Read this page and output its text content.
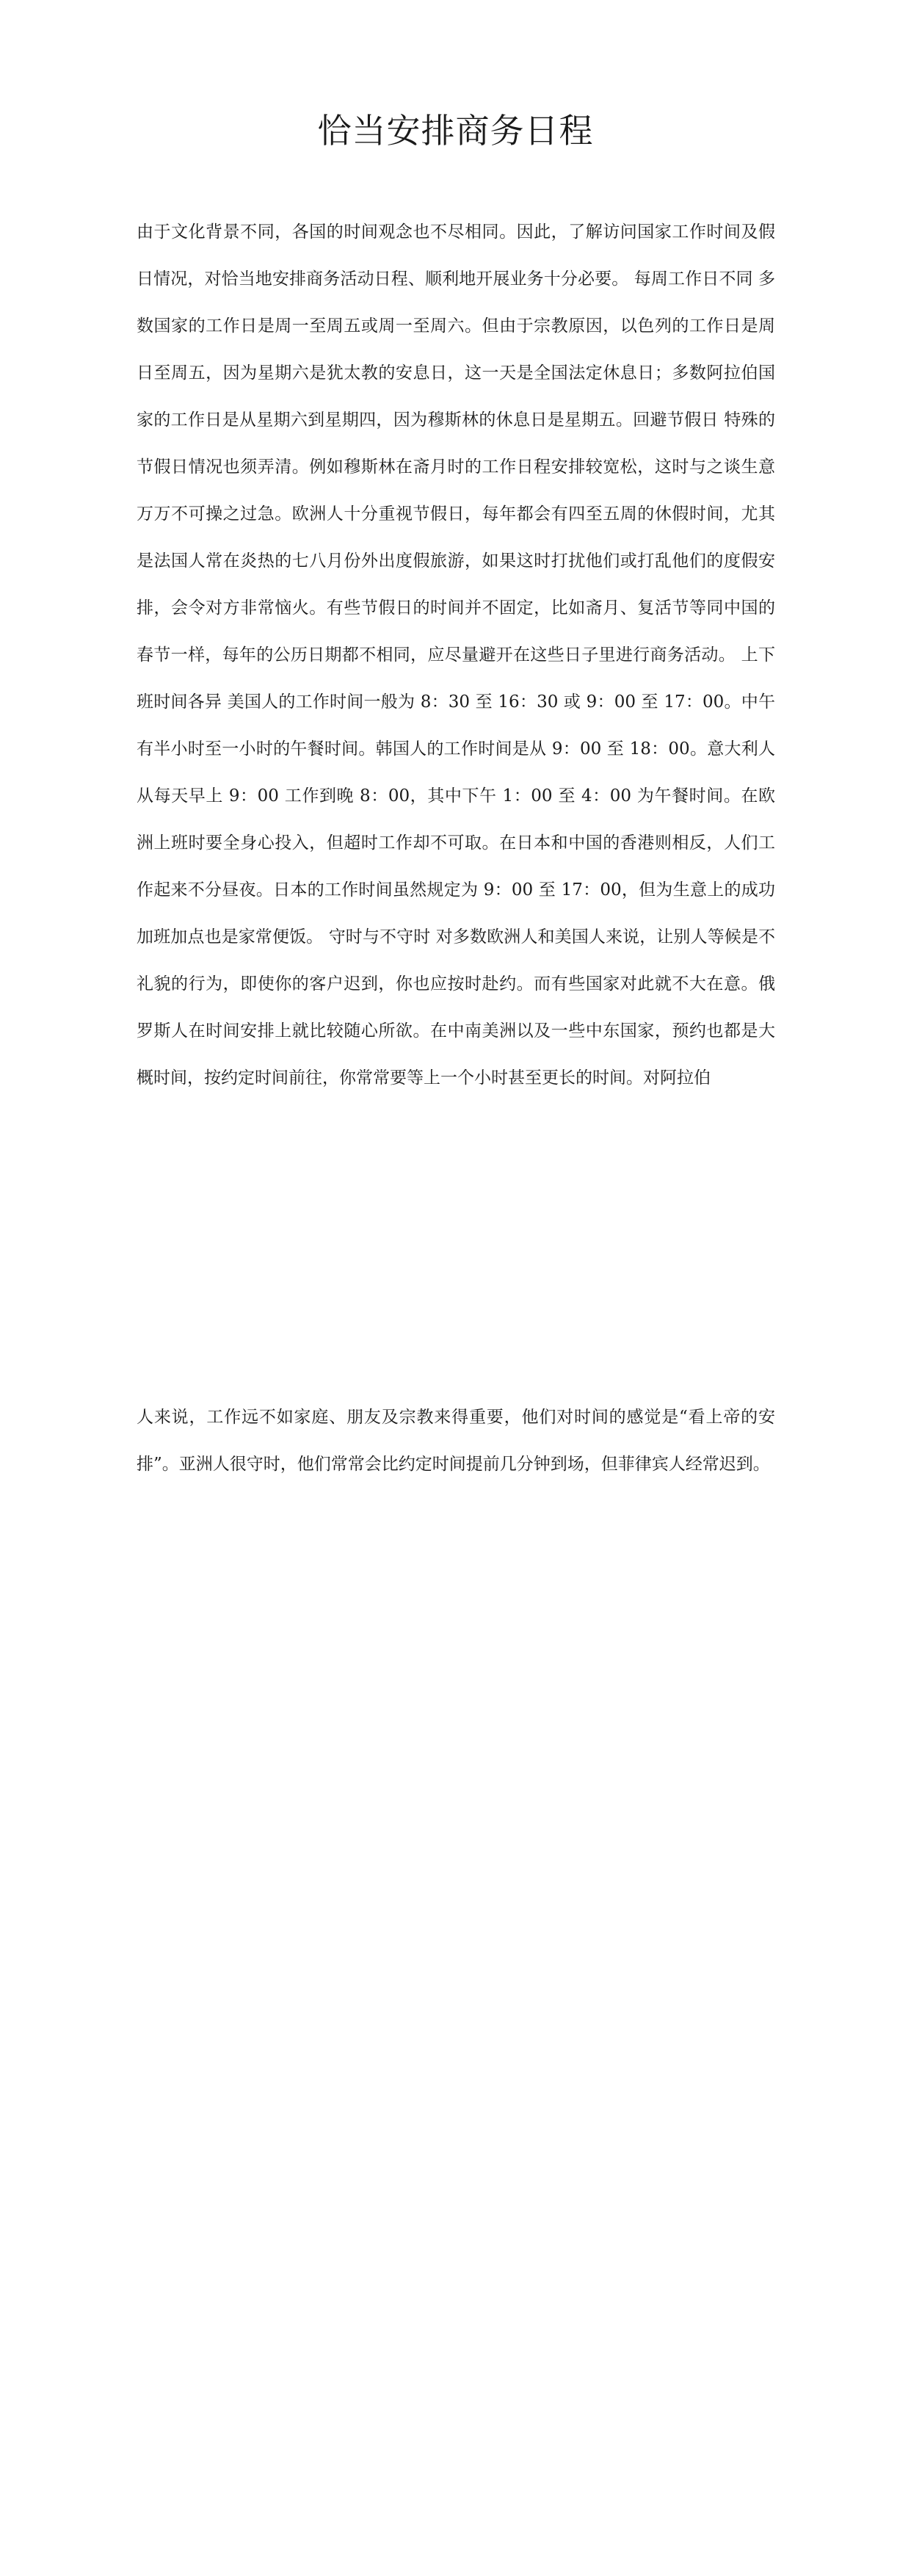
恰当安排商务日程

由于文化背景不同，各国的时间观念也不尽相同。因此，了解访问国家工作时间及假日情况，对恰当地安排商务活动日程、顺利地开展业务十分必要。 每周工作日不同 多数国家的工作日是周一至周五或周一至周六。但由于宗教原因，以色列的工作日是周日至周五，因为星期六是犹太教的安息日，这一天是全国法定休息日；多数阿拉伯国家的工作日是从星期六到星期四，因为穆斯林的休息日是星期五。回避节假日 特殊的节假日情况也须弄清。例如穆斯林在斋月时的工作日程安排较宽松，这时与之谈生意万万不可操之过急。欧洲人十分重视节假日，每年都会有四至五周的休假时间，尤其是法国人常在炎热的七八月份外出度假旅游，如果这时打扰他们或打乱他们的度假安排，会令对方非常恼火。有些节假日的时间并不固定，比如斋月、复活节等同中国的春节一样，每年的公历日期都不相同，应尽量避开在这些日子里进行商务活动。 上下班时间各异 美国人的工作时间一般为 8：30 至 16：30 或 9：00 至 17：00。中午有半小时至一小时的午餐时间。韩国人的工作时间是从 9：00 至 18：00。意大利人从每天早上 9：00 工作到晚 8：00，其中下午 1：00 至 4：00 为午餐时间。在欧洲上班时要全身心投入，但超时工作却不可取。在日本和中国的香港则相反，人们工作起来不分昼夜。日本的工作时间虽然规定为 9：00 至 17：00，但为生意上的成功加班加点也是家常便饭。 守时与不守时 对多数欧洲人和美国人来说，让别人等候是不礼貌的行为，即使你的客户迟到，你也应按时赴约。而有些国家对此就不大在意。俄罗斯人在时间安排上就比较随心所欲。在中南美洲以及一些中东国家，预约也都是大概时间，按约定时间前往，你常常要等上一个小时甚至更长的时间。对阿拉伯

人来说，工作远不如家庭、朋友及宗教来得重要，他们对时间的感觉是“看上帝的安排”。亚洲人很守时，他们常常会比约定时间提前几分钟到场，但菲律宾人经常迟到。
